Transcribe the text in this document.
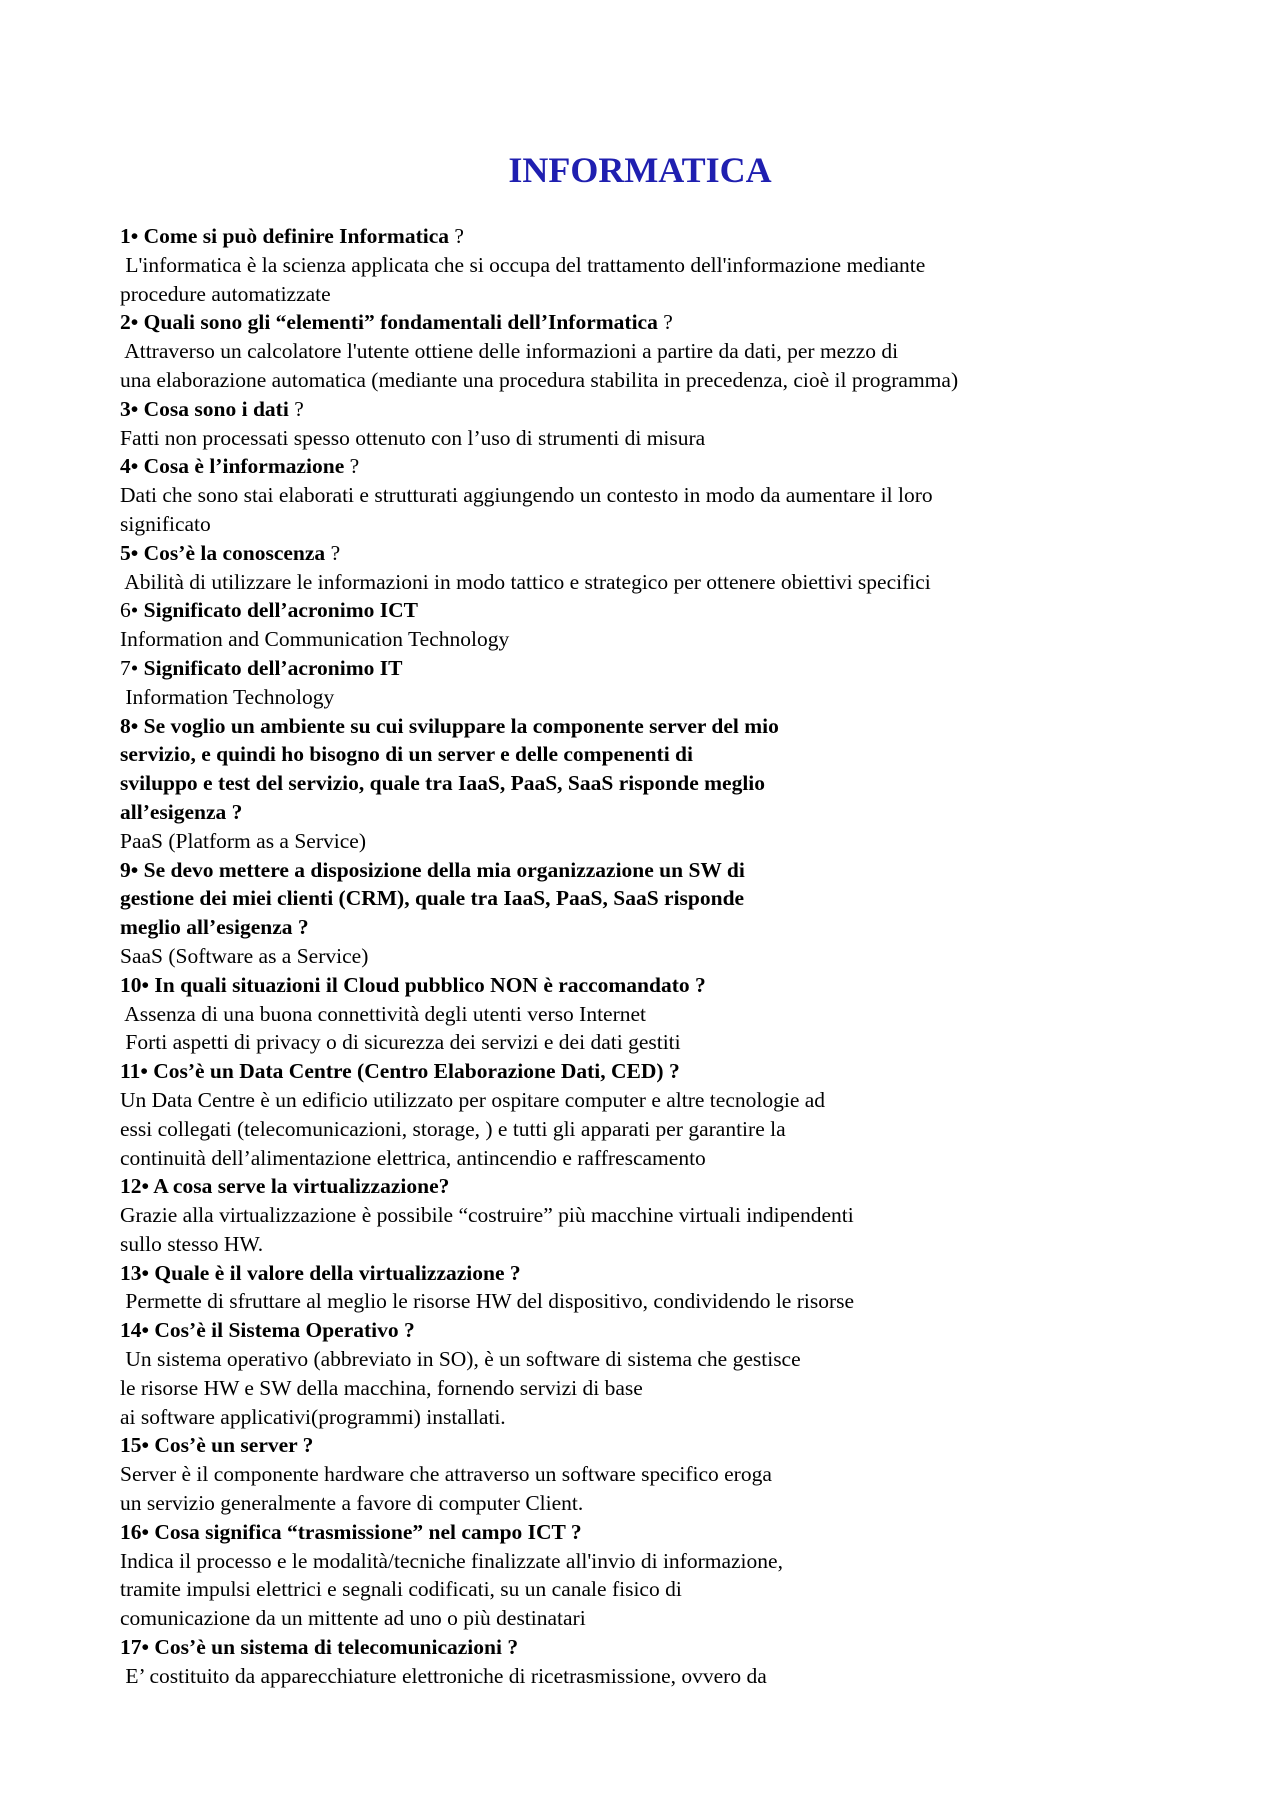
INFORMATICA
1• Come si può definire Informatica ?
L'informatica è la scienza applicata che si occupa del trattamento dell'informazione mediante
procedure automatizzate
2• Quali sono gli “elementi” fondamentali dell’Informatica ?
Attraverso un calcolatore l'utente ottiene delle informazioni a partire da dati, per mezzo di
una elaborazione automatica (mediante una procedura stabilita in precedenza, cioè il programma)
3• Cosa sono i dati ?
Fatti non processati spesso ottenuto con l’uso di strumenti di misura
4• Cosa è l’informazione ?
Dati che sono stai elaborati e strutturati aggiungendo un contesto in modo da aumentare il loro
significato
5• Cos’è la conoscenza ?
Abilità di utilizzare le informazioni in modo tattico e strategico per ottenere obiettivi specifici
6• Significato dell’acronimo ICT
Information and Communication Technology
7• Significato dell’acronimo IT
Information Technology
8• Se voglio un ambiente su cui sviluppare la componente server del mio
servizio, e quindi ho bisogno di un server e delle compenenti di
sviluppo e test del servizio, quale tra IaaS, PaaS, SaaS risponde meglio
all’esigenza ?
PaaS (Platform as a Service)
9• Se devo mettere a disposizione della mia organizzazione un SW di
gestione dei miei clienti (CRM), quale tra IaaS, PaaS, SaaS risponde
meglio all’esigenza ?
SaaS (Software as a Service)
10• In quali situazioni il Cloud pubblico NON è raccomandato ?
Assenza di una buona connettività degli utenti verso Internet
Forti aspetti di privacy o di sicurezza dei servizi e dei dati gestiti
11• Cos’è un Data Centre (Centro Elaborazione Dati, CED) ?
Un Data Centre è un edificio utilizzato per ospitare computer e altre tecnologie ad
essi collegati (telecomunicazioni, storage, ) e tutti gli apparati per garantire la
continuità dell’alimentazione elettrica, antincendio e raffrescamento
12• A cosa serve la virtualizzazione?
Grazie alla virtualizzazione è possibile “costruire” più macchine virtuali indipendenti
sullo stesso HW.
13• Quale è il valore della virtualizzazione ?
Permette di sfruttare al meglio le risorse HW del dispositivo, condividendo le risorse
14• Cos’è il Sistema Operativo ?
Un sistema operativo (abbreviato in SO), è un software di sistema che gestisce
le risorse HW e SW della macchina, fornendo servizi di base
ai software applicativi(programmi) installati.
15• Cos’è un server ?
Server è il componente hardware che attraverso un software specifico eroga
un servizio generalmente a favore di computer Client.
16• Cosa significa “trasmissione” nel campo ICT ?
Indica il processo e le modalità/tecniche finalizzate all'invio di informazione,
tramite impulsi elettrici e segnali codificati, su un canale fisico di
comunicazione da un mittente ad uno o più destinatari
17• Cos’è un sistema di telecomunicazioni ?
E’ costituito da apparecchiature elettroniche di ricetrasmissione, ovvero da
